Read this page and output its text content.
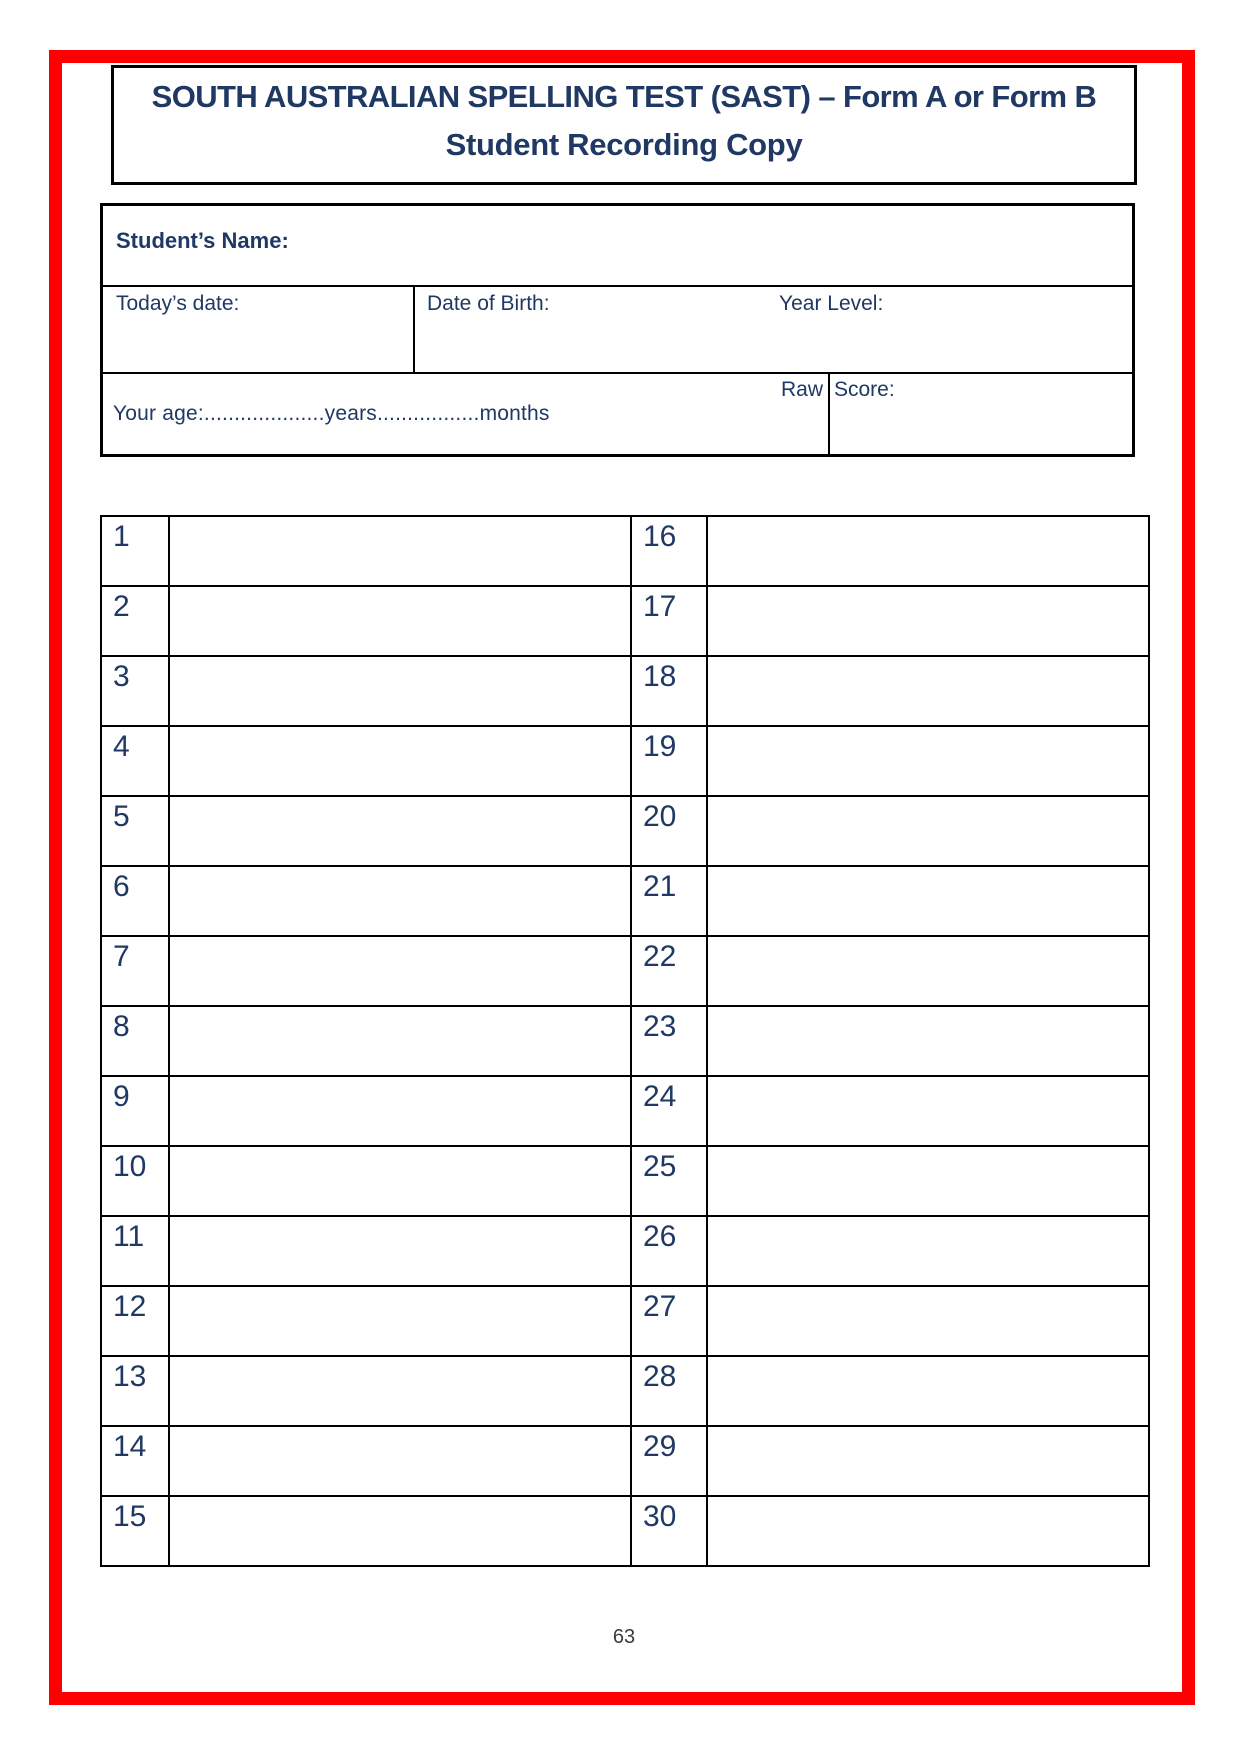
SOUTH AUSTRALIAN SPELLING TEST (SAST) – Form A or Form B
Student Recording Copy
Student’s Name:
Today’s date:	Date of Birth:	Year Level:
Raw Score:
Your age:....................years.................months
1		16	
2		17	
3		18	
4		19	
5		20	
6		21	
7		22	
8		23	
9		24	
10		25	
11		26	
12		27	
13		28	
14		29	
15		30	
63
